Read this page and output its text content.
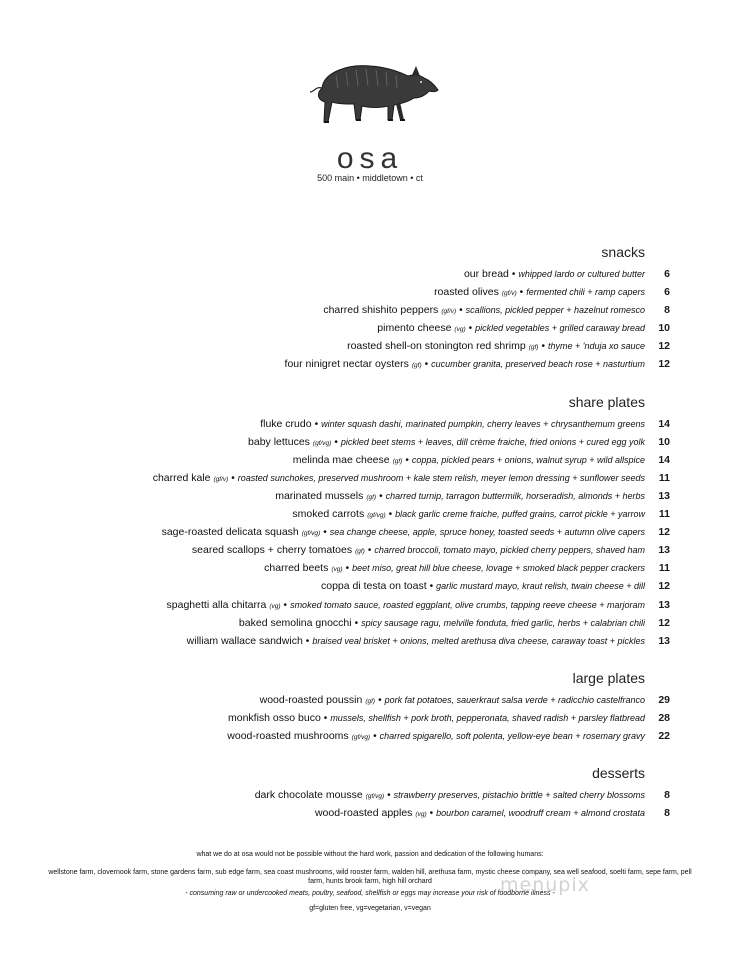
osa
500 main • middletown • ct
snacks
our bread • whipped lardo or cultured butter	6
roasted olives (gf/v) • fermented chili + ramp capers	6
charred shishito peppers (gf/v) • scallions, pickled pepper + hazelnut romesco	8
pimento cheese (vg) • pickled vegetables + grilled caraway bread	10
roasted shell-on stonington red shrimp (gf) • thyme + 'nduja xo sauce	12
four ninigret nectar oysters (gf) • cucumber granita, preserved beach rose + nasturtium	12
share plates
fluke crudo • winter squash dashi, marinated pumpkin, cherry leaves + chrysanthemum greens	14
baby lettuces (gf/vg) • pickled beet stems + leaves, dill crème fraiche, fried onions + cured egg yolk	10
melinda mae cheese (gf) • coppa, pickled pears + onions, walnut syrup + wild allspice	14
charred kale (gf/v) • roasted sunchokes, preserved mushroom + kale stem relish, meyer lemon dressing + sunflower seeds	11
marinated mussels (gf) • charred turnip, tarragon buttermilk, horseradish, almonds + herbs	13
smoked carrots (gf/vg) • black garlic creme fraiche, puffed grains, carrot pickle + yarrow	11
sage-roasted delicata squash (gf/vg) • sea change cheese, apple, spruce honey, toasted seeds + autumn olive capers	12
seared scallops + cherry tomatoes (gf) • charred broccoli, tomato mayo, pickled cherry peppers, shaved ham	13
charred beets (vg) • beet miso, great hill blue cheese, lovage + smoked black pepper crackers	11
coppa di testa on toast • garlic mustard mayo, kraut relish, twain cheese + dill	12
spaghetti alla chitarra (vg) • smoked tomato sauce, roasted eggplant, olive crumbs, tapping reeve cheese + marjoram	13
baked semolina gnocchi • spicy sausage ragu, melville fonduta, fried garlic, herbs + calabrian chili	12
william wallace sandwich • braised veal brisket + onions, melted arethusa diva cheese, caraway toast + pickles	13
large plates
wood-roasted poussin (gf) • pork fat potatoes, sauerkraut salsa verde + radicchio castelfranco	29
monkfish osso buco • mussels, shellfish + pork broth, pepperonata, shaved radish + parsley flatbread	28
wood-roasted mushrooms (gf/vg) • charred spigarello, soft polenta, yellow-eye bean + rosemary gravy	22
desserts
dark chocolate mousse (gf/vg) • strawberry preserves, pistachio brittle + salted cherry blossoms	8
wood-roasted apples (vg) • bourbon caramel, woodruff cream + almond crostata	8

what we do at osa would not be possible without the hard work, passion and dedication of the following humans:

wellstone farm, clovernook farm, stone gardens farm, sub edge farm, sea coast mushrooms, wild rooster farm, walden hill, arethusa farm, mystic cheese company, sea well seafood, soelti farm, sepe farm, pell farm, hunts brook farm, high hill orchard

- consuming raw or undercooked meats, poultry, seafood, shellfish or eggs may increase your risk of foodborne illness -

gf=gluten free, vg=vegetarian, v=vegan

menupix
